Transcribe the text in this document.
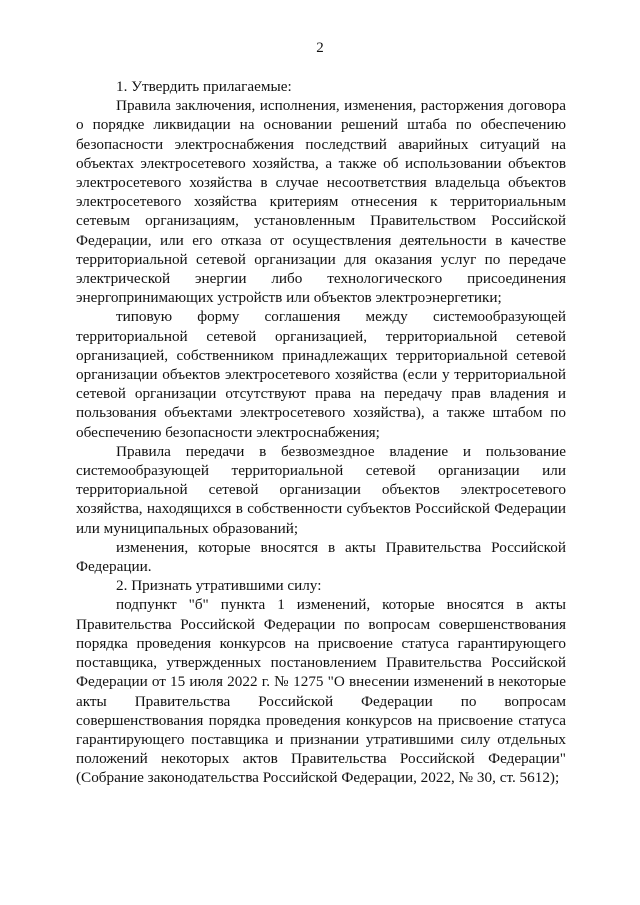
2

1. Утвердить прилагаемые:

Правила заключения, исполнения, изменения, расторжения договора о порядке ликвидации на основании решений штаба по обеспечению безопасности электроснабжения последствий аварийных ситуаций на объектах электросетевого хозяйства, а также об использовании объектов электросетевого хозяйства в случае несоответствия владельца объектов электросетевого хозяйства критериям отнесения к территориальным сетевым организациям, установленным Правительством Российской Федерации, или его отказа от осуществления деятельности в качестве территориальной сетевой организации для оказания услуг по передаче электрической энергии либо технологического присоединения энергопринимающих устройств или объектов электроэнергетики;

типовую форму соглашения между системообразующей территориальной сетевой организацией, территориальной сетевой организацией, собственником принадлежащих территориальной сетевой организации объектов электросетевого хозяйства (если у территориальной сетевой организации отсутствуют права на передачу прав владения и пользования объектами электросетевого хозяйства), а также штабом по обеспечению безопасности электроснабжения;

Правила передачи в безвозмездное владение и пользование системообразующей территориальной сетевой организации или территориальной сетевой организации объектов электросетевого хозяйства, находящихся в собственности субъектов Российской Федерации или муниципальных образований;

изменения, которые вносятся в акты Правительства Российской Федерации.

2. Признать утратившими силу:

подпункт "б" пункта 1 изменений, которые вносятся в акты Правительства Российской Федерации по вопросам совершенствования порядка проведения конкурсов на присвоение статуса гарантирующего поставщика, утвержденных постановлением Правительства Российской Федерации от 15 июля 2022 г. № 1275 "О внесении изменений в некоторые акты Правительства Российской Федерации по вопросам совершенствования порядка проведения конкурсов на присвоение статуса гарантирующего поставщика и признании утратившими силу отдельных положений некоторых актов Правительства Российской Федерации" (Собрание законодательства Российской Федерации, 2022, № 30, ст. 5612);
